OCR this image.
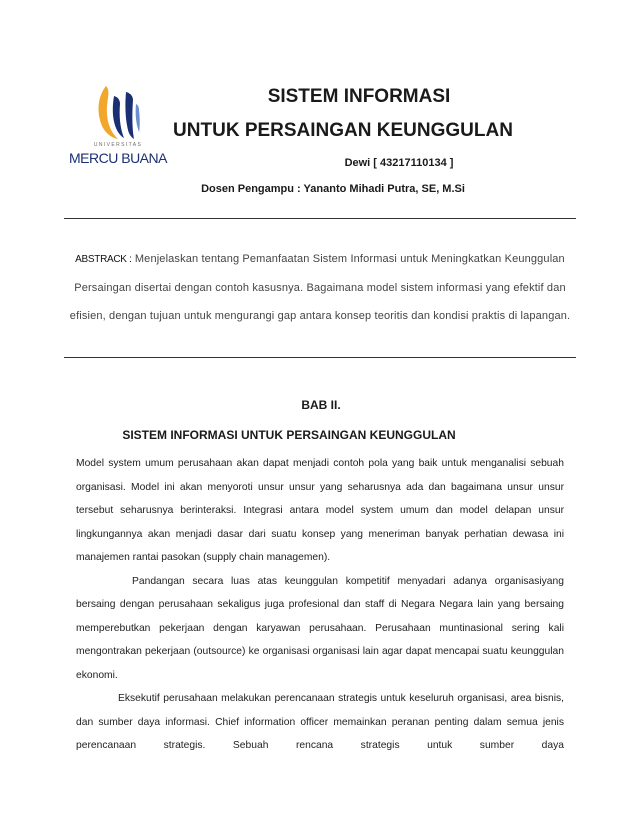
UNIVERSITAS
MERCU BUANA
SISTEM INFORMASI
UNTUK PERSAINGAN KEUNGGULAN
Dewi [ 43217110134 ]
Dosen Pengampu : Yananto Mihadi Putra, SE, M.Si
ABSTRACK : Menjelaskan tentang Pemanfaatan Sistem Informasi untuk Meningkatkan Keunggulan Persaingan disertai dengan contoh kasusnya. Bagaimana model sistem informasi yang efektif dan efisien, dengan tujuan untuk mengurangi gap antara konsep teoritis dan kondisi praktis di lapangan.
BAB II.
SISTEM INFORMASI UNTUK PERSAINGAN KEUNGGULAN

Model system umum perusahaan akan dapat menjadi contoh pola yang baik untuk menganalisi sebuah organisasi. Model ini akan menyoroti unsur unsur yang seharusnya ada dan bagaimana unsur unsur tersebut seharusnya berinteraksi. Integrasi antara model system umum dan model delapan unsur lingkungannya akan menjadi dasar dari suatu konsep yang meneriman banyak perhatian dewasa ini manajemen rantai pasokan (supply chain managemen).

Pandangan secara luas atas keunggulan kompetitif menyadari adanya organisasiyang bersaing dengan perusahaan sekaligus juga profesional dan staff di Negara Negara lain yang bersaing memperebutkan pekerjaan dengan karyawan perusahaan. Perusahaan muntinasional sering kali mengontrakan pekerjaan (outsource) ke organisasi organisasi lain agar dapat mencapai suatu keunggulan ekonomi.

Eksekutif perusahaan melakukan perencanaan strategis untuk keseluruh organisasi, area bisnis, dan sumber daya informasi. Chief information officer memainkan peranan penting dalam semua jenis perencanaan strategis. Sebuah rencana strategis untuk sumber daya
